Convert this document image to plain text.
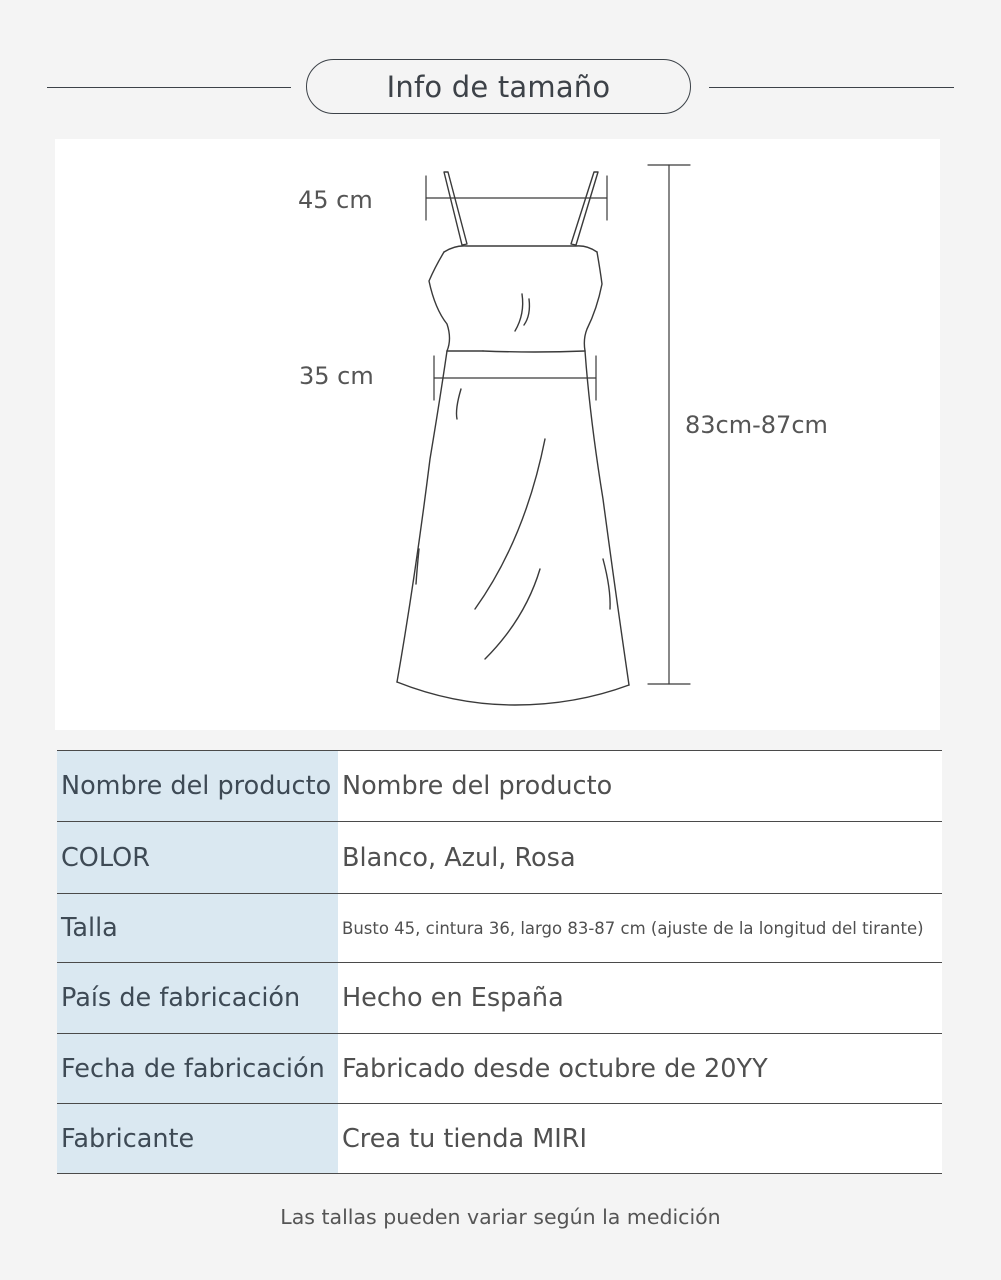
Info de tamaño
45 cm
35 cm
83cm-87cm
Nombre del producto	Nombre del producto
COLOR	Blanco, Azul, Rosa
Talla	Busto 45, cintura 36, largo 83-87 cm (ajuste de la longitud del tirante)
País de fabricación	Hecho en España
Fecha de fabricación	Fabricado desde octubre de 20YY
Fabricante	Crea tu tienda MIRI
Las tallas pueden variar según la medición
